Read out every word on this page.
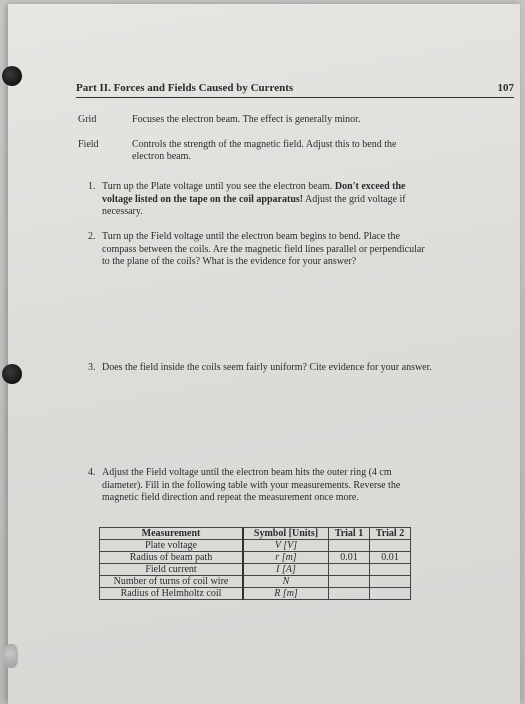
Part II. Forces and Fields Caused by Currents	107
Grid	Focuses the electron beam. The effect is generally minor.
Field	Controls the strength of the magnetic field. Adjust this to bend the electron beam.
1. Turn up the Plate voltage until you see the electron beam. Don't exceed the voltage listed on the tape on the coil apparatus! Adjust the grid voltage if necessary.
2. Turn up the Field voltage until the electron beam begins to bend. Place the compass between the coils. Are the magnetic field lines parallel or perpendicular to the plane of the coils? What is the evidence for your answer?
3. Does the field inside the coils seem fairly uniform? Cite evidence for your answer.
4. Adjust the Field voltage until the electron beam hits the outer ring (4 cm diameter). Fill in the following table with your measurements. Reverse the magnetic field direction and repeat the measurement once more.
Measurement	Symbol [Units]	Trial 1	Trial 2
Plate voltage	V [V]		
Radius of beam path	r [m]	0.01	0.01
Field current	I [A]		
Number of turns of coil wire	N		
Radius of Helmholtz coil	R [m]		
